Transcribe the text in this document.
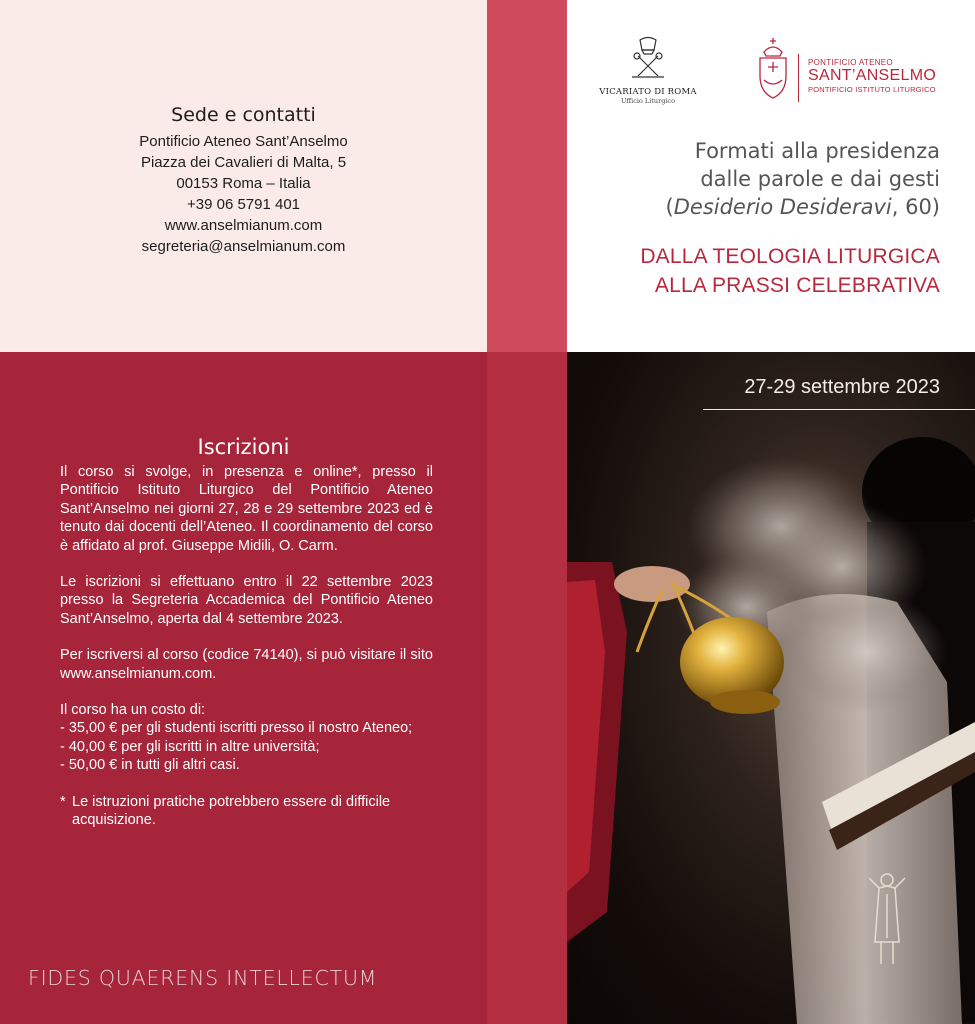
Sede e contatti
Pontificio Ateneo Sant’Anselmo
Piazza dei Cavalieri di Malta, 5
00153 Roma – Italia
+39 06 5791 401
www.anselmianum.com
segreteria@anselmianum.com
VICARIATO DI ROMA
Ufficio Liturgico
PONTIFICIO ATENEO
SANT’ANSELMO
PONTIFICIO ISTITUTO LITURGICO
Formati alla presidenza
dalle parole e dai gesti
(Desiderio Desideravi, 60)
DALLA TEOLOGIA LITURGICA
ALLA PRASSI CELEBRATIVA
27-29 settembre 2023
Iscrizioni

Il corso si svolge, in presenza e online*, presso il Pontificio Istituto Liturgico del Pontificio Ateneo Sant’Anselmo nei giorni 27, 28 e 29 settembre 2023 ed è tenuto dai docenti dell’Ateneo. Il coordinamento del corso è affidato al prof. Giuseppe Midili, O. Carm.

Le iscrizioni si effettuano entro il 22 settembre 2023 presso la Segreteria Accademica del Pontificio Ateneo Sant’Anselmo, aperta dal 4 settembre 2023.

Per iscriversi al corso (codice 74140), si può visitare il sito www.anselmianum.com.

Il corso ha un costo di:

- 35,00 € per gli studenti iscritti presso il nostro Ateneo;
- 40,00 € per gli iscritti in altre università;
- 50,00 € in tutti gli altri casi.
* Le istruzioni pratiche potrebbero essere di difficile acquisizione.
FIDES QUAERENS INTELLECTUM
